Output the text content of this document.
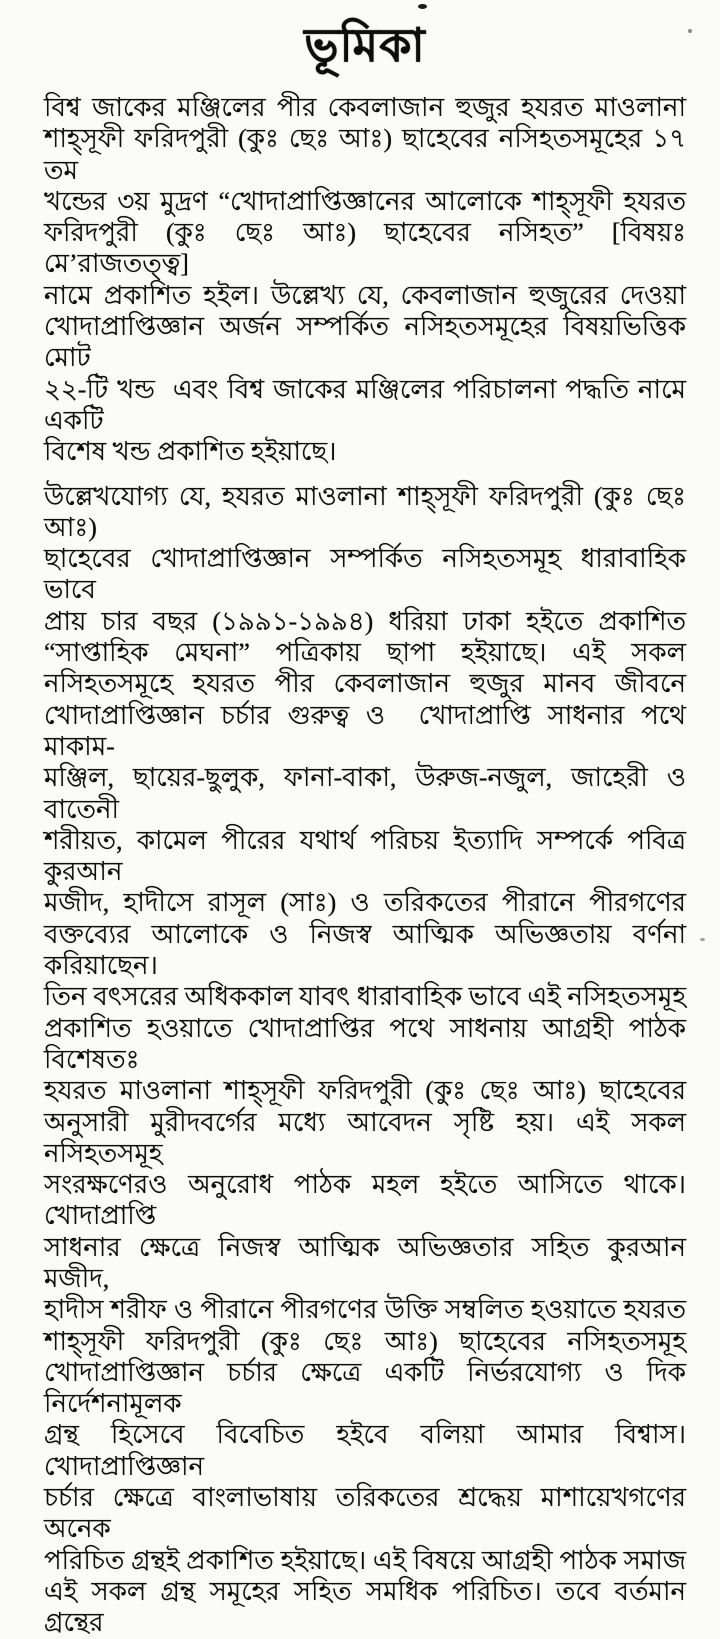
ভূমিকা

বিশ্ব জাকের মঞ্জিলের পীর কেবলাজান হুজুর হযরত মাওলানা
শাহ্‌সূফী ফরিদপুরী (কুঃ ছেঃ আঃ) ছাহেবের নসিহতসমূহের ১৭ তম
খন্ডের ৩য় মুদ্রণ “খোদাপ্রাপ্তিজ্ঞানের আলোকে শাহ্‌সূফী হযরত
ফরিদপুরী (কুঃ ছেঃ আঃ) ছাহেবের নসিহত” [বিষয়ঃ মে’রাজতত্ত্ব]
নামে প্রকাশিত হইল। উল্লেখ্য যে, কেবলাজান হুজুরের দেওয়া
খোদাপ্রাপ্তিজ্ঞান অর্জন সম্পর্কিত নসিহতসমূহের বিষয়ভিত্তিক মোট
২২-টি খন্ড  এবং বিশ্ব জাকের মঞ্জিলের পরিচালনা পদ্ধতি নামে একটি
বিশেষ খন্ড প্রকাশিত হইয়াছে।

উল্লেখযোগ্য যে, হযরত মাওলানা শাহ্‌সূফী ফরিদপুরী (কুঃ ছেঃ আঃ)
ছাহেবের খোদাপ্রাপ্তিজ্ঞান সম্পর্কিত নসিহতসমূহ ধারাবাহিক ভাবে
প্রায় চার বছর (১৯৯১-১৯৯৪) ধরিয়া ঢাকা হইতে প্রকাশিত
“সাপ্তাহিক মেঘনা” পত্রিকায় ছাপা হইয়াছে। এই সকল
নসিহতসমূহে হযরত পীর কেবলাজান হুজুর মানব জীবনে
খোদাপ্রাপ্তিজ্ঞান চর্চার গুরুত্ব ও  খোদাপ্রাপ্তি সাধনার পথে মাকাম-
মঞ্জিল, ছায়ের-ছুলুক, ফানা-বাকা, উরুজ-নজুল, জাহেরী ও বাতেনী
শরীয়ত, কামেল পীরের যথার্থ পরিচয় ইত্যাদি সম্পর্কে পবিত্র কুরআন
মজীদ, হাদীসে রাসূল (সাঃ) ও তরিকতের পীরানে পীরগণের
বক্তব্যের আলোকে ও নিজস্ব আত্মিক অভিজ্ঞতায় বর্ণনা করিয়াছেন।
তিন বৎসরের অধিককাল যাবৎ ধারাবাহিক ভাবে এই নসিহতসমূহ
প্রকাশিত হওয়াতে খোদাপ্রাপ্তির পথে সাধনায় আগ্রহী পাঠক বিশেষতঃ
হযরত মাওলানা শাহ্‌সূফী ফরিদপুরী (কুঃ ছেঃ আঃ) ছাহেবের
অনুসারী মুরীদবর্গের মধ্যে আবেদন সৃষ্টি হয়। এই সকল নসিহতসমূহ
সংরক্ষণেরও অনুরোধ পাঠক মহল হইতে আসিতে থাকে। খোদাপ্রাপ্তি
সাধনার ক্ষেত্রে নিজস্ব আত্মিক অভিজ্ঞতার সহিত কুরআন মজীদ,
হাদীস শরীফ ও পীরানে পীরগণের উক্তি সম্বলিত হওয়াতে হযরত
শাহ্‌সূফী ফরিদপুরী (কুঃ ছেঃ আঃ) ছাহেবের নসিহতসমূহ
খোদাপ্রাপ্তিজ্ঞান চর্চার ক্ষেত্রে একটি নির্ভরযোগ্য ও দিক নির্দেশনামূলক
গ্রন্থ হিসেবে বিবেচিত হইবে বলিয়া আমার বিশ্বাস। খোদাপ্রাপ্তিজ্ঞান
চর্চার ক্ষেত্রে বাংলাভাষায় তরিকতের শ্রদ্ধেয় মাশায়েখগণের অনেক
পরিচিত গ্রন্থই প্রকাশিত হইয়াছে। এই বিষয়ে আগ্রহী পাঠক সমাজ
এই সকল গ্রন্থ সমূহের সহিত সমধিক পরিচিত। তবে বর্তমান গ্রন্থের
